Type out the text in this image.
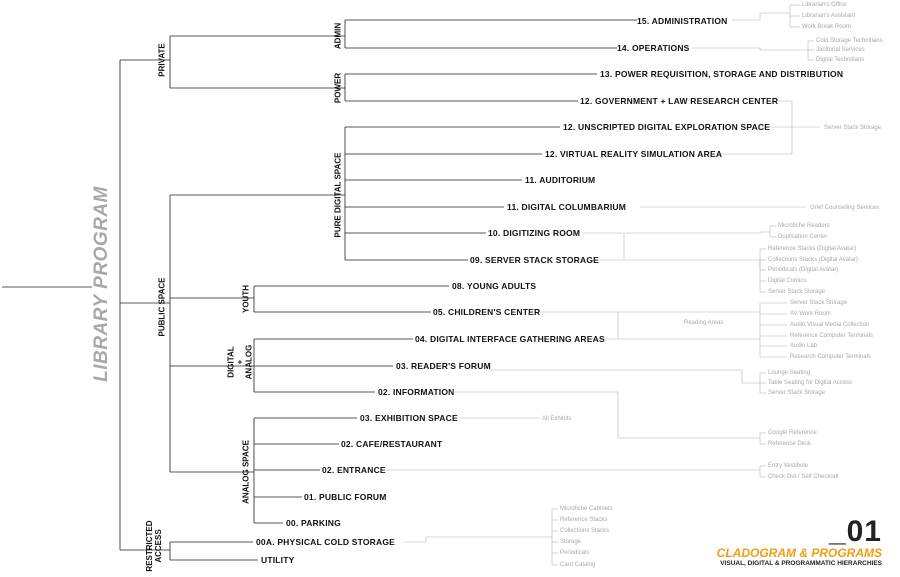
LIBRARY PROGRAM
PRIVATE
ADMIN
POWER
PUBLIC SPACE
PURE DIGITAL SPACE
YOUTH
DIGITAL + ANALOG
ANALOG SPACE
RESTRICTED ACCESS
15. ADMINISTRATION
14. OPERATIONS
13. POWER REQUISITION, STORAGE AND DISTRIBUTION
12. GOVERNMENT + LAW RESEARCH CENTER
12. UNSCRIPTED DIGITAL EXPLORATION SPACE
12. VIRTUAL REALITY SIMULATION AREA
11. AUDITORIUM
11. DIGITAL COLUMBARIUM
10. DIGITIZING ROOM
09. SERVER STACK STORAGE
08. YOUNG ADULTS
05. CHILDREN'S CENTER
04. DIGITAL INTERFACE GATHERING AREAS
03. READER'S FORUM
02. INFORMATION
03. EXHIBITION SPACE
02. CAFE/RESTAURANT
02. ENTRANCE
01. PUBLIC FORUM
00. PARKING
00A. PHYSICAL COLD STORAGE
UTILITY
Librarian's Office
Librarian's Assistant
Work Break Room
Cold Storage Technitians
Janitorial Services
Digital Technitians
Server Stack Storage
Grief Counseling Services
Microfiche Readers
Duplication Center
Reference Stacks (Digital Avatar)
Collections Stacks (Digital Avatar)
Periodicals (Digital Avatar)
Digital Comics
Server Stack Storage
Reading Areas
Server Stack Storage
AV Work Room
Audio Visual Media Collection
Reference Computer Terminals
Audio Lab
Research Computer Terminals
Lounge Seating
Table Seating for Digital Access
Server Stack Storage
All Exhibits
Google Reference
Reference Desk
Entry Vestibule
Check Out / Self Checkout
Microfiche Cabinets
Reference Stacks
Collections Stacks
Storage
Periodicals
Card Catalog
_01
CLADOGRAM & PROGRAMS
VISUAL, DIGITAL & PROGRAMMATIC HIERARCHIES
